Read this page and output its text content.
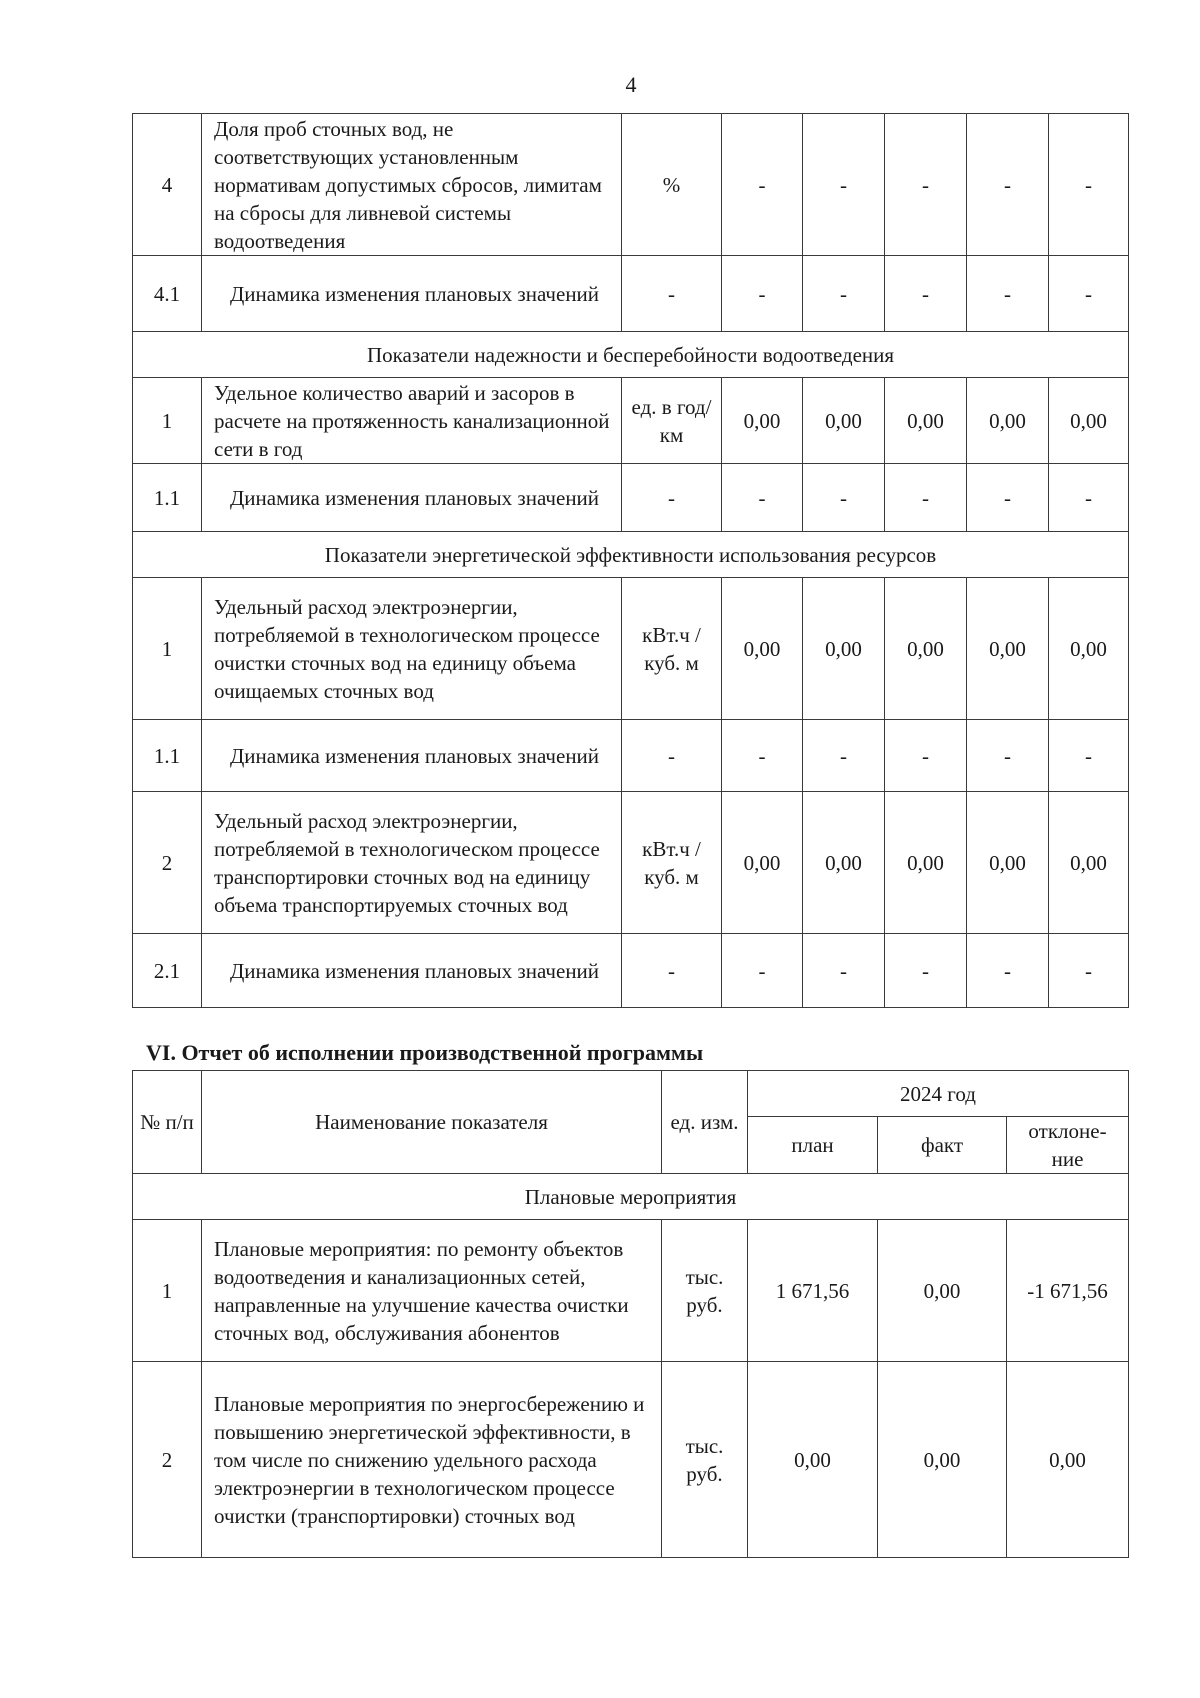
4
4	Доля проб сточных вод, не соответствующих установленным нормативам допустимых сбросов, лимитам на сбросы для ливневой системы водоотведения	%	-	-	-	-	-
4.1	Динамика изменения плановых значений	-	-	-	-	-	-
Показатели надежности и бесперебойности водоотведения							
1	Удельное количество аварий и засоров в расчете на протяженность канализационной сети в год	ед. в год/ км	0,00	0,00	0,00	0,00	0,00
1.1	Динамика изменения плановых значений	-	-	-	-	-	-
Показатели энергетической эффективности использования ресурсов							
1	Удельный расход электроэнергии, потребляемой в технологическом процессе очистки сточных вод на единицу объема очищаемых сточных вод	кВт.ч / куб. м	0,00	0,00	0,00	0,00	0,00
1.1	Динамика изменения плановых значений	-	-	-	-	-	-
2	Удельный расход электроэнергии, потребляемой в технологическом процессе транспортировки сточных вод на единицу объема транспортируемых сточных вод	кВт.ч / куб. м	0,00	0,00	0,00	0,00	0,00
2.1	Динамика изменения плановых значений	-	-	-	-	-	-
VI. Отчет об исполнении производственной программы
№ п/п	Наименование показателя	ед. изм.	2024 год		
			план	факт	отклоне-ние
Плановые мероприятия					
1	Плановые мероприятия: по ремонту объектов водоотведения и канализационных сетей, направленные на улучшение качества очистки сточных вод, обслуживания абонентов	тыс. руб.	1 671,56	0,00	-1 671,56
2	Плановые мероприятия по энергосбережению и повышению энергетической эффективности, в том числе по снижению удельного расхода электроэнергии в технологическом процессе очистки (транспортировки) сточных вод	тыс. руб.	0,00	0,00	0,00
